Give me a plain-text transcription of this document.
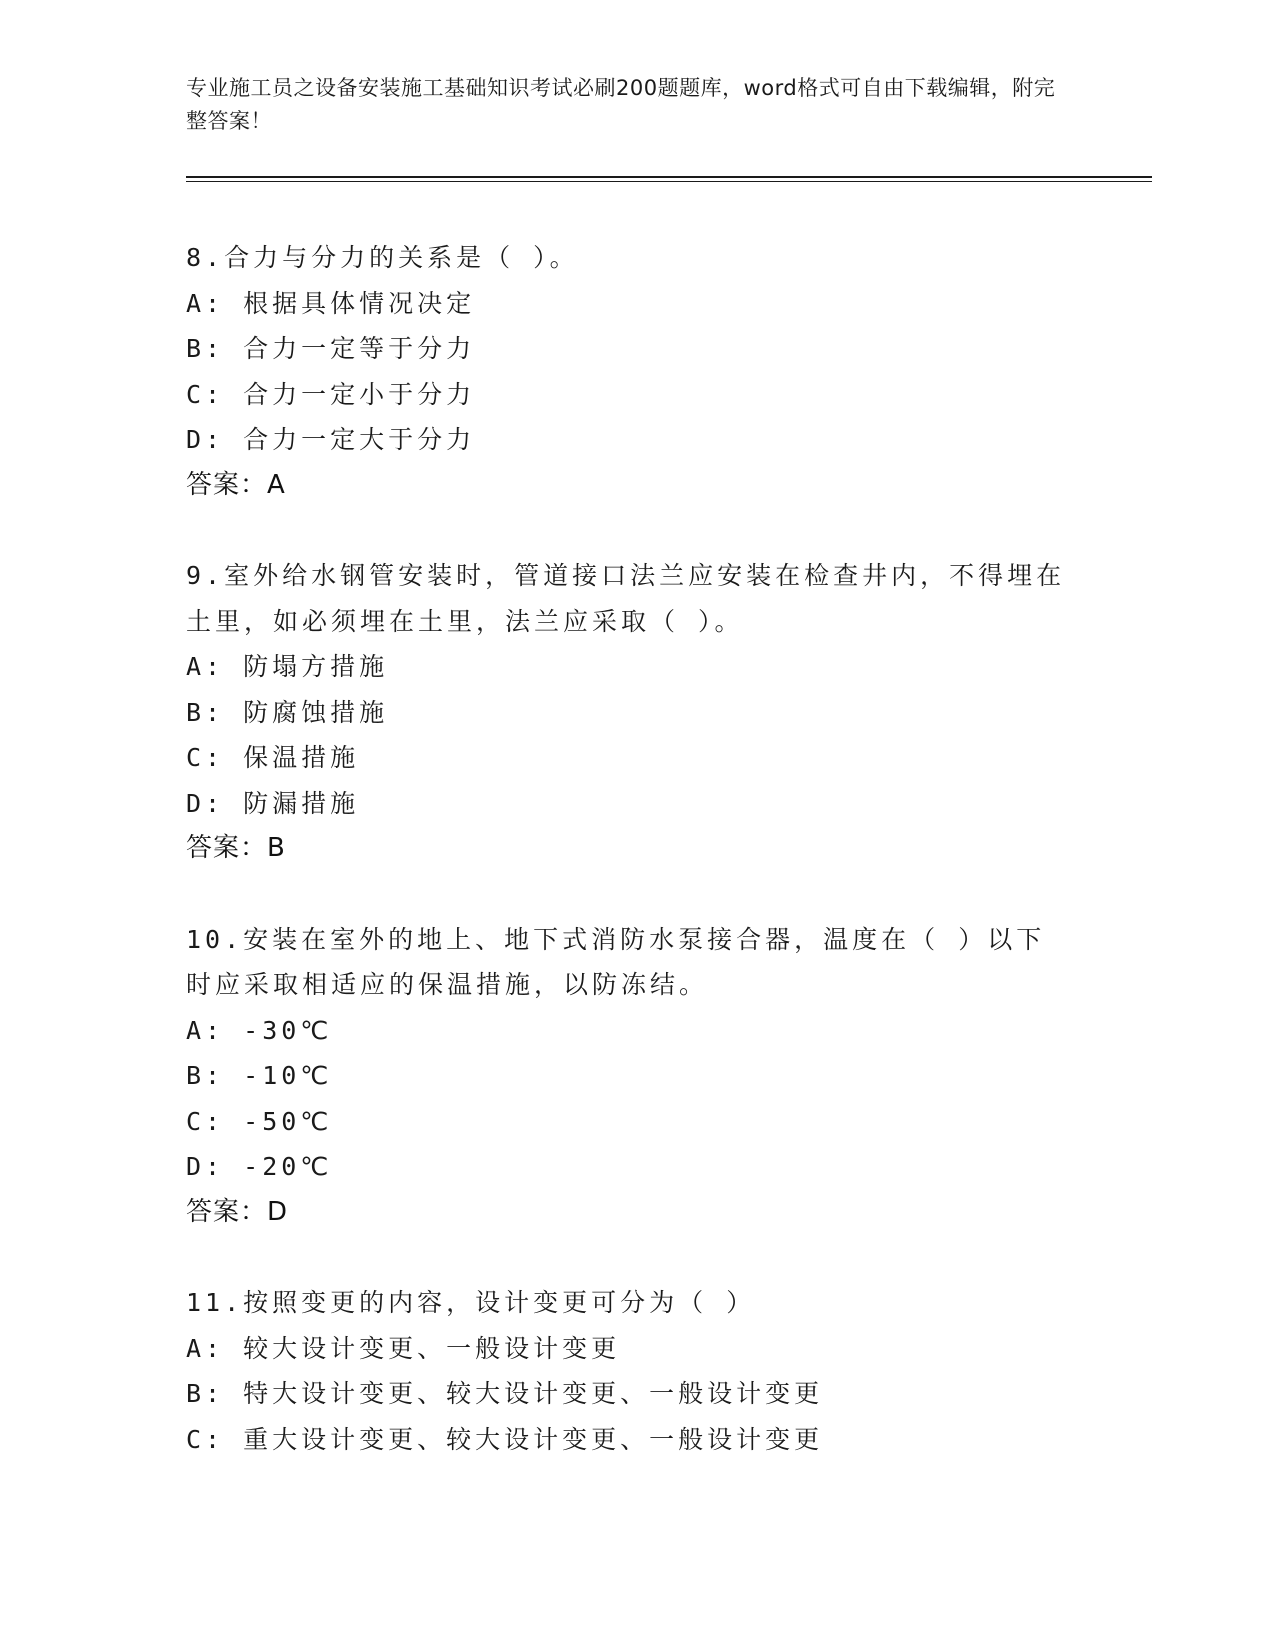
专业施工员之设备安装施工基础知识考试必刷200题题库，word格式可自由下载编辑，附完整答案！
8.合力与分力的关系是（ ）。
A: 根据具体情况决定
B: 合力一定等于分力
C: 合力一定小于分力
D: 合力一定大于分力
答案：A
9.室外给水钢管安装时，管道接口法兰应安装在检查井内，不得埋在土里，如必须埋在土里，法兰应采取（ ）。
A: 防塌方措施
B: 防腐蚀措施
C: 保温措施
D: 防漏措施
答案：B
10.安装在室外的地上、地下式消防水泵接合器，温度在（ ）以下时应采取相适应的保温措施，以防冻结。
A: -30℃
B: -10℃
C: -50℃
D: -20℃
答案：D
11.按照变更的内容，设计变更可分为（ ）
A: 较大设计变更、一般设计变更
B: 特大设计变更、较大设计变更、一般设计变更
C: 重大设计变更、较大设计变更、一般设计变更
